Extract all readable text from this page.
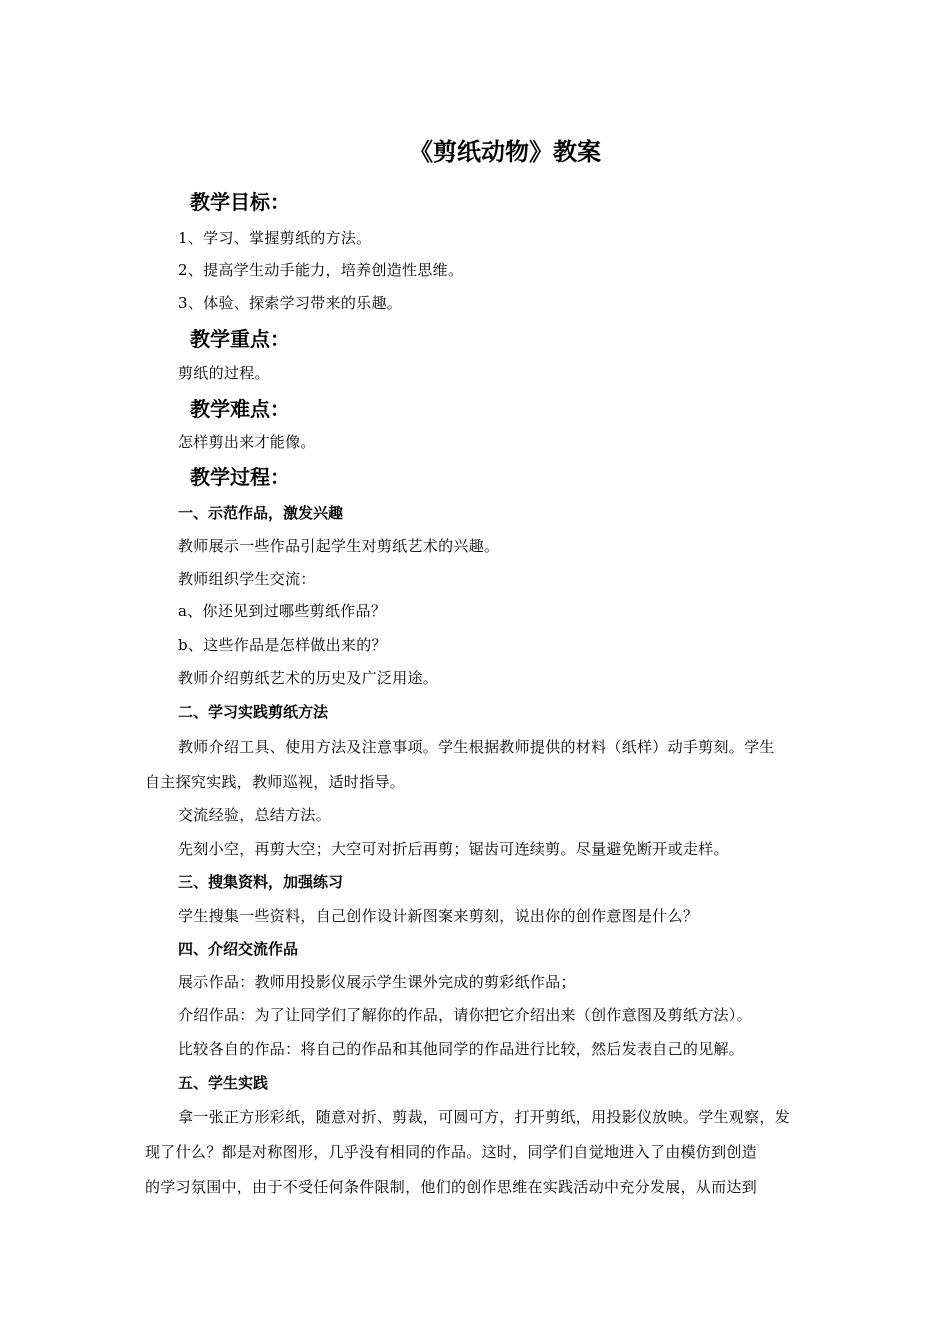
《剪纸动物》教案
教学目标：
1、学习、掌握剪纸的方法。
2、提高学生动手能力，培养创造性思维。
3、体验、探索学习带来的乐趣。
教学重点：
剪纸的过程。
教学难点：
怎样剪出来才能像。
教学过程：
一、示范作品，激发兴趣
教师展示一些作品引起学生对剪纸艺术的兴趣。
教师组织学生交流：
a、你还见到过哪些剪纸作品？
b、这些作品是怎样做出来的？
教师介绍剪纸艺术的历史及广泛用途。
二、学习实践剪纸方法
教师介绍工具、使用方法及注意事项。学生根据教师提供的材料（纸样）动手剪刻。学生
自主探究实践，教师巡视，适时指导。
交流经验，总结方法。
先刻小空，再剪大空；大空可对折后再剪；锯齿可连续剪。尽量避免断开或走样。
三、搜集资料，加强练习
学生搜集一些资料，自己创作设计新图案来剪刻，说出你的创作意图是什么？
四、介绍交流作品
展示作品：教师用投影仪展示学生课外完成的剪彩纸作品；
介绍作品：为了让同学们了解你的作品，请你把它介绍出来（创作意图及剪纸方法）。
比较各自的作品：将自己的作品和其他同学的作品进行比较，然后发表自己的见解。
五、学生实践
拿一张正方形彩纸，随意对折、剪裁，可圆可方，打开剪纸，用投影仪放映。学生观察，发
现了什么？都是对称图形，几乎没有相同的作品。这时，同学们自觉地进入了由模仿到创造
的学习氛围中，由于不受任何条件限制，他们的创作思维在实践活动中充分发展，从而达到
